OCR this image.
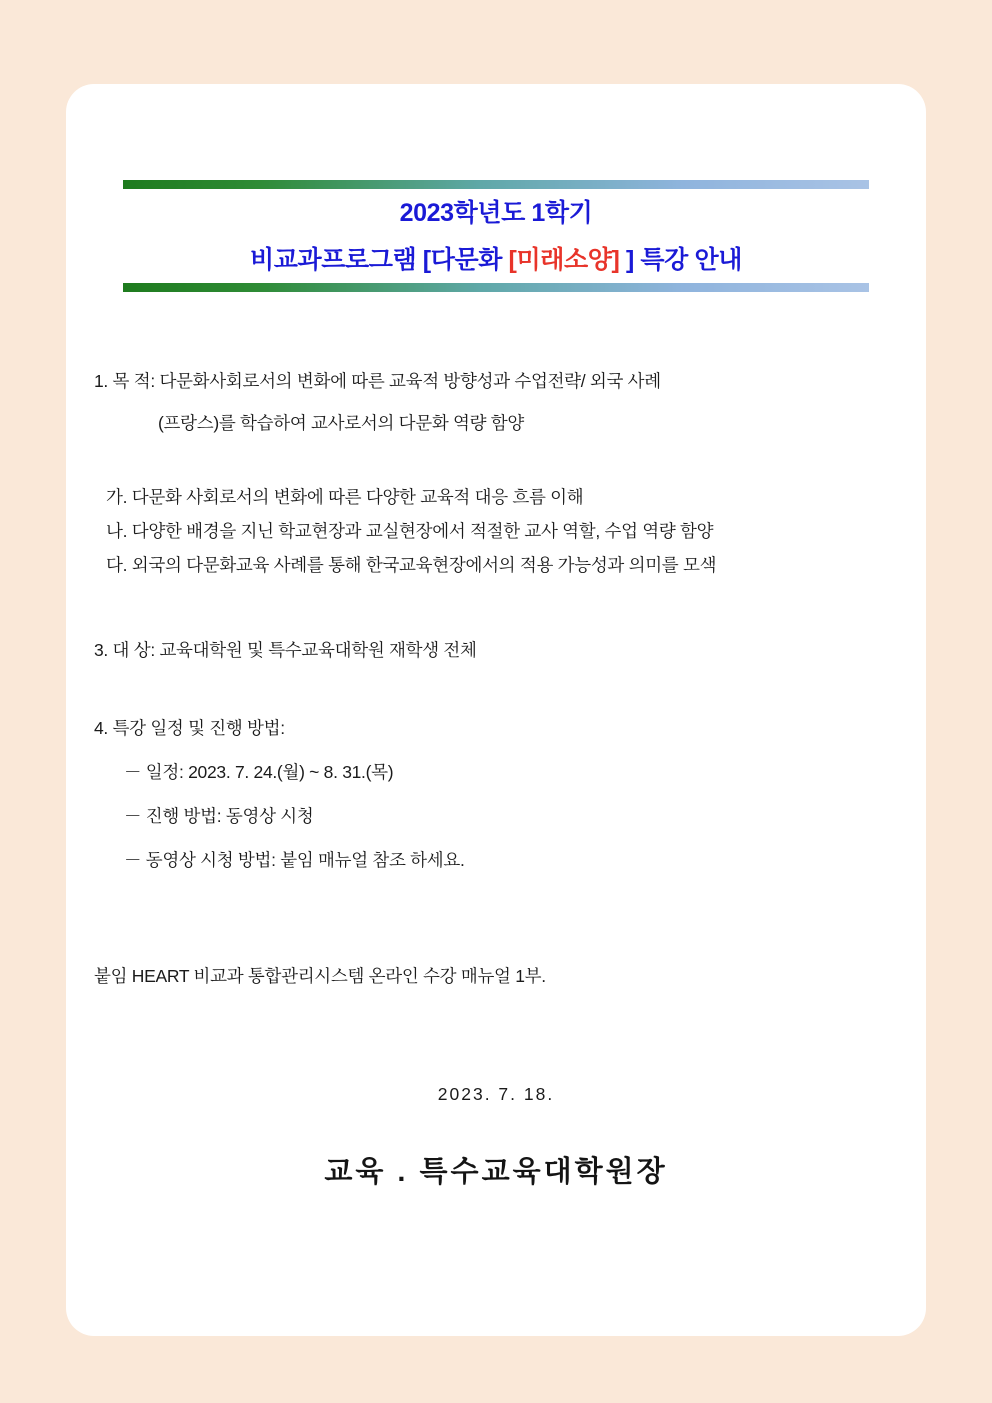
2023학년도 1학기
비교과프로그램 [다문화 [미래소양] ] 특강 안내
1. 목 적: 다문화사회로서의 변화에 따른 교육적 방향성과 수업전략/ 외국 사례
(프랑스)를 학습하여 교사로서의 다문화 역량 함양
가. 다문화 사회로서의 변화에 따른 다양한 교육적 대응 흐름 이해
나. 다양한 배경을 지닌 학교현장과 교실현장에서 적절한 교사 역할, 수업 역량 함양
다. 외국의 다문화교육 사례를 통해 한국교육현장에서의 적용 가능성과 의미를 모색
3. 대 상: 교육대학원 및 특수교육대학원 재학생 전체
4. 특강 일정 및 진행 방법:
－ 일정: 2023. 7. 24.(월) ~ 8. 31.(목)
－ 진행 방법: 동영상 시청
－ 동영상 시청 방법: 붙임 매뉴얼 참조 하세요.
붙임 HEART 비교과 통합관리시스템 온라인 수강 매뉴얼 1부.
2023. 7. 18.
교육 . 특수교육대학원장
